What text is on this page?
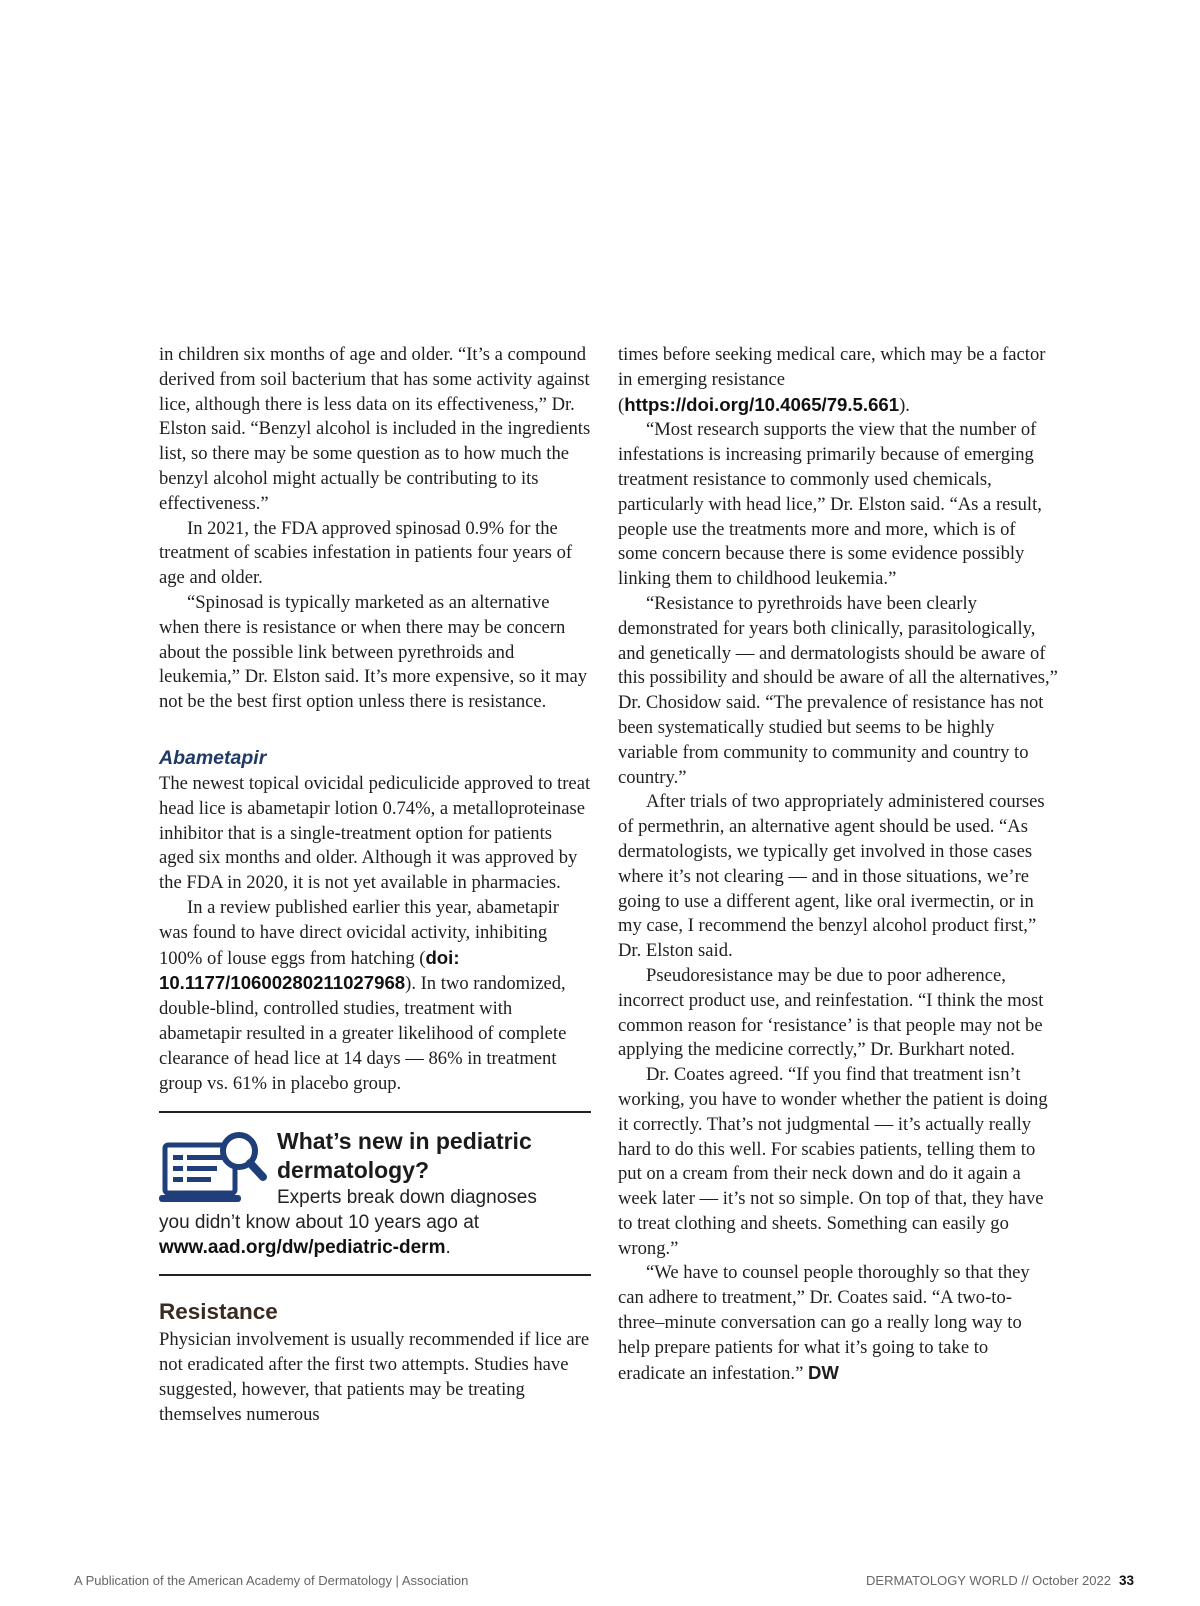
in children six months of age and older. “It’s a compound derived from soil bacterium that has some activity against lice, although there is less data on its effectiveness,” Dr. Elston said. “Benzyl alcohol is included in the ingredients list, so there may be some question as to how much the benzyl alcohol might actually be contributing to its effectiveness.”

In 2021, the FDA approved spinosad 0.9% for the treatment of scabies infestation in patients four years of age and older.

“Spinosad is typically marketed as an alternative when there is resistance or when there may be concern about the possible link between pyrethroids and leukemia,” Dr. Elston said. It’s more expensive, so it may not be the best first option unless there is resistance.

Abametapir

The newest topical ovicidal pediculicide approved to treat head lice is abametapir lotion 0.74%, a metalloproteinase inhibitor that is a single-treatment option for patients aged six months and older. Although it was approved by the FDA in 2020, it is not yet available in pharmacies.

In a review published earlier this year, abametapir was found to have direct ovicidal activity, inhibiting 100% of louse eggs from hatching (doi: 10.1177/10600280211027968). In two randomized, double-blind, controlled studies, treatment with abametapir resulted in a greater likelihood of complete clearance of head lice at 14 days — 86% in treatment group vs. 61% in placebo group.

What’s new in pediatric dermatology?

Experts break down diagnoses
you didn’t know about 10 years ago at www.aad.org/dw/pediatric-derm.

Resistance

Physician involvement is usually recommended if lice are not eradicated after the first two attempts. Studies have suggested, however, that patients may be treating themselves numerous

times before seeking medical care, which may be a factor in emerging resistance (https://doi.org/10.4065/79.5.661).

“Most research supports the view that the number of infestations is increasing primarily because of emerging treatment resistance to commonly used chemicals, particularly with head lice,” Dr. Elston said. “As a result, people use the treatments more and more, which is of some concern because there is some evidence possibly linking them to childhood leukemia.”

“Resistance to pyrethroids have been clearly demonstrated for years both clinically, parasitologically, and genetically — and dermatologists should be aware of this possibility and should be aware of all the alternatives,” Dr. Chosidow said. “The prevalence of resistance has not been systematically studied but seems to be highly variable from community to community and country to country.”

After trials of two appropriately administered courses of permethrin, an alternative agent should be used. “As dermatologists, we typically get involved in those cases where it’s not clearing — and in those situations, we’re going to use a different agent, like oral ivermectin, or in my case, I recommend the benzyl alcohol product first,” Dr. Elston said.

Pseudoresistance may be due to poor adherence, incorrect product use, and reinfestation. “I think the most common reason for ‘resistance’ is that people may not be applying the medicine correctly,” Dr. Burkhart noted.

Dr. Coates agreed. “If you find that treatment isn’t working, you have to wonder whether the patient is doing it correctly. That’s not judgmental — it’s actually really hard to do this well. For scabies patients, telling them to put on a cream from their neck down and do it again a week later — it’s not so simple. On top of that, they have to treat clothing and sheets. Something can easily go wrong.”

“We have to counsel people thoroughly so that they can adhere to treatment,” Dr. Coates said. “A two-to-three–minute conversation can go a really long way to help prepare patients for what it’s going to take to eradicate an infestation.” DW

A Publication of the American Academy of Dermatology | Association	DERMATOLOGY WORLD // October 2022 33
